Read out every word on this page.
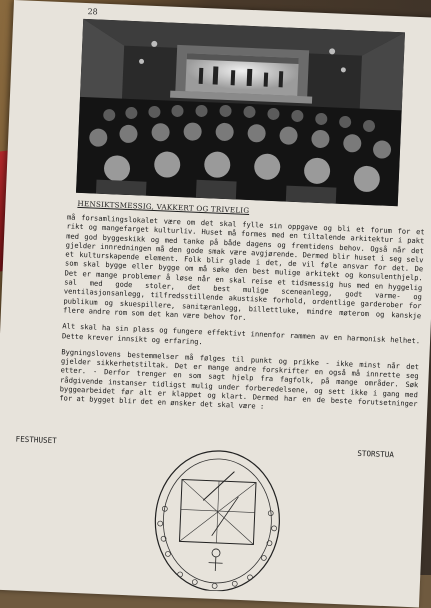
28
HENSIKTSMESSIG, VAKKERT OG TRIVELIG

må forsamlingslokalet være om det skal fylle sin oppgave og bli et forum for et rikt og mangefarget kulturliv. Huset må formes med en tiltalende arkitektur i pakt med god byggeskikk og med tanke på både dagens og fremtidens behov. Også når det gjelder innredningen må den gode smak være avgjørende. Dermed blir huset i seg selv et kulturskapende element. Folk blir glade i det, de vil føle ansvar for det. De som skal bygge eller bygge om må søke den best mulige arkitekt og konsulenthjelp. Det er mange problemer å løse når en skal reise et tidsmessig hus med en hyggelig sal med gode stoler, det best mulige sceneanlegg, godt varme- og ventilasjonsanlegg, tilfredsstillende akustiske forhold, ordentlige garderober for publikum og skuespillere, sanitæranlegg, billettluke, mindre møterom og kanskje flere andre rom som det kan være behov for.

Alt skal ha sin plass og fungere effektivt innenfor rammen av en harmonisk helhet. Dette krever innsikt og erfaring.

Bygningslovens bestemmelser må følges til punkt og prikke - ikke minst når det gjelder sikkerhetstiltak. Det er mange andre forskrifter en også må innrette seg etter. - Derfor trenger en som sagt hjelp fra fagfolk, på mange områder. Søk rådgivende instanser tidligst mulig under forberedelsene, og sett ikke i gang med byggearbeidet før alt er klappet og klart. Dermed har en de beste forutsetninger for at bygget blir det en ønsker det skal være :

FESTHUSET
STORSTUA
